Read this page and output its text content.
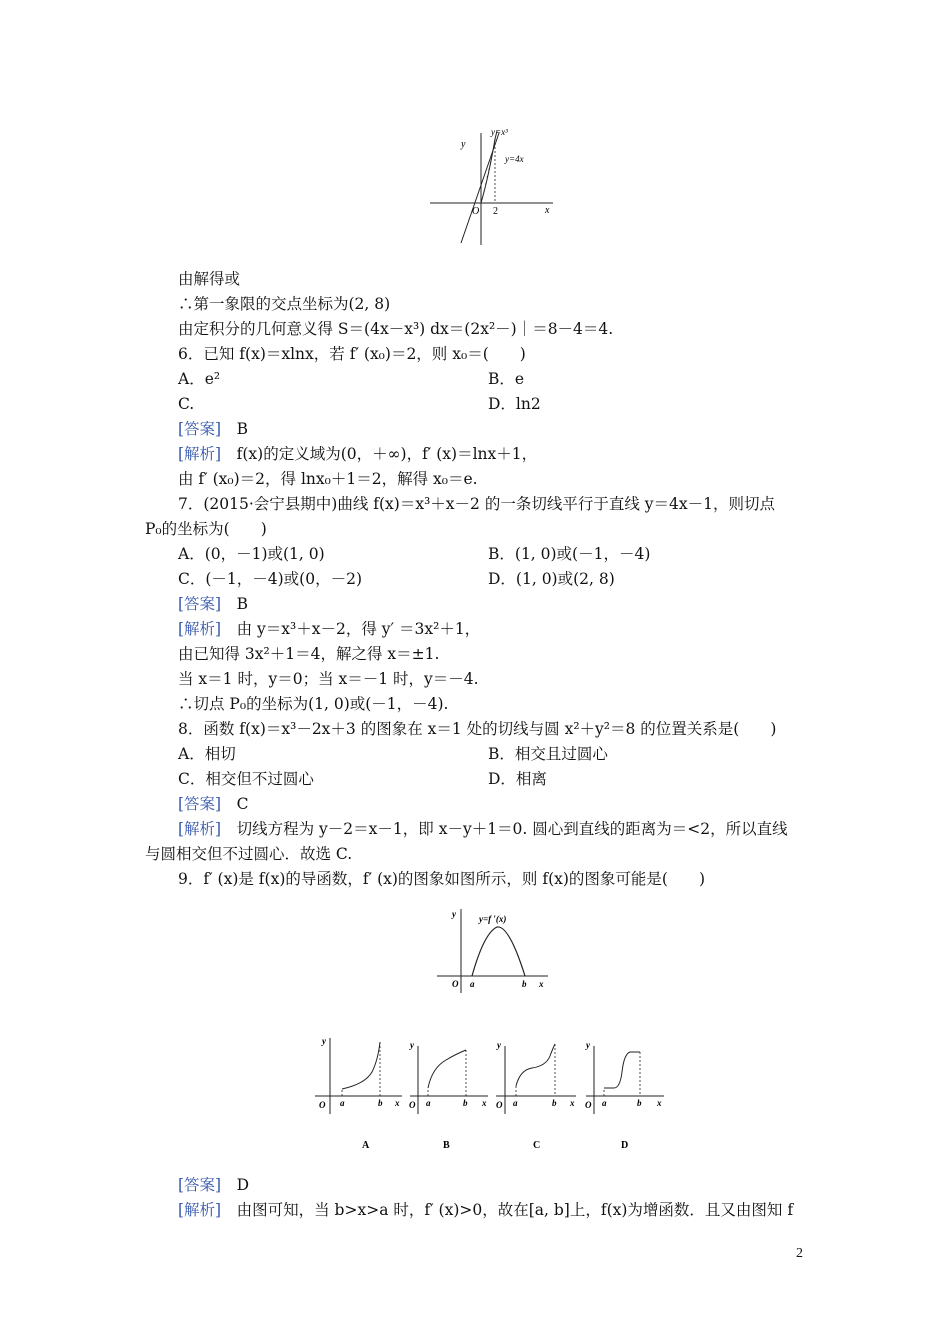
y
x
O 2
y=x³
y=4x
由解得或
∴第一象限的交点坐标为(2, 8)
由定积分的几何意义得 S＝(4x－x³) dx＝(2x²－)｜＝8－4＝4.
6．已知 f(x)＝xlnx，若 f′ (x₀)＝2，则 x₀＝(　　)
A．e²	B．e
C.	D．ln2
[答案]　 B
[解析]　 f(x)的定义域为(0，＋∞)，f′ (x)＝lnx＋1，
由 f′ (x₀)＝2，得 lnx₀＋1＝2，解得 x₀＝e.
7．(2015·会宁县期中)曲线 f(x)＝x³＋x－2 的一条切线平行于直线 y＝4x－1，则切点
P₀的坐标为(　　)
A．(0，－1)或(1, 0)	B．(1, 0)或(－1，－4)
C．(－1，－4)或(0，－2)	D．(1, 0)或(2, 8)
[答案]　 B
[解析]　 由 y＝x³＋x－2，得 y′ ＝3x²＋1，
由已知得 3x²＋1＝4，解之得 x＝±1.
当 x＝1 时，y＝0；当 x＝－1 时，y＝－4.
∴切点 P₀的坐标为(1, 0)或(－1，－4).
8．函数 f(x)＝x³－2x＋3 的图象在 x＝1 处的切线与圆 x²＋y²＝8 的位置关系是(　　)
A．相切	B．相交且过圆心
C．相交但不过圆心	D．相离
[答案]　 C
[解析]　 切线方程为 y－2＝x－1，即 x－y＋1＝0. 圆心到直线的距离为＝<2，所以直线
与圆相交但不过圆心．故选 C.
9．f′ (x)是 f(x)的导函数，f′ (x)的图象如图所示，则 f(x)的图象可能是(　　)
y	y=f ′(x)
O a	b x
y
O a	b x
A
y
O a	b x
B
y
O a	b x
C
y
O a	b x
D
[答案]　 D
[解析]　 由图可知，当 b>x>a 时，f′ (x)>0，故在[a, b]上，f(x)为增函数．且又由图知 f
2
